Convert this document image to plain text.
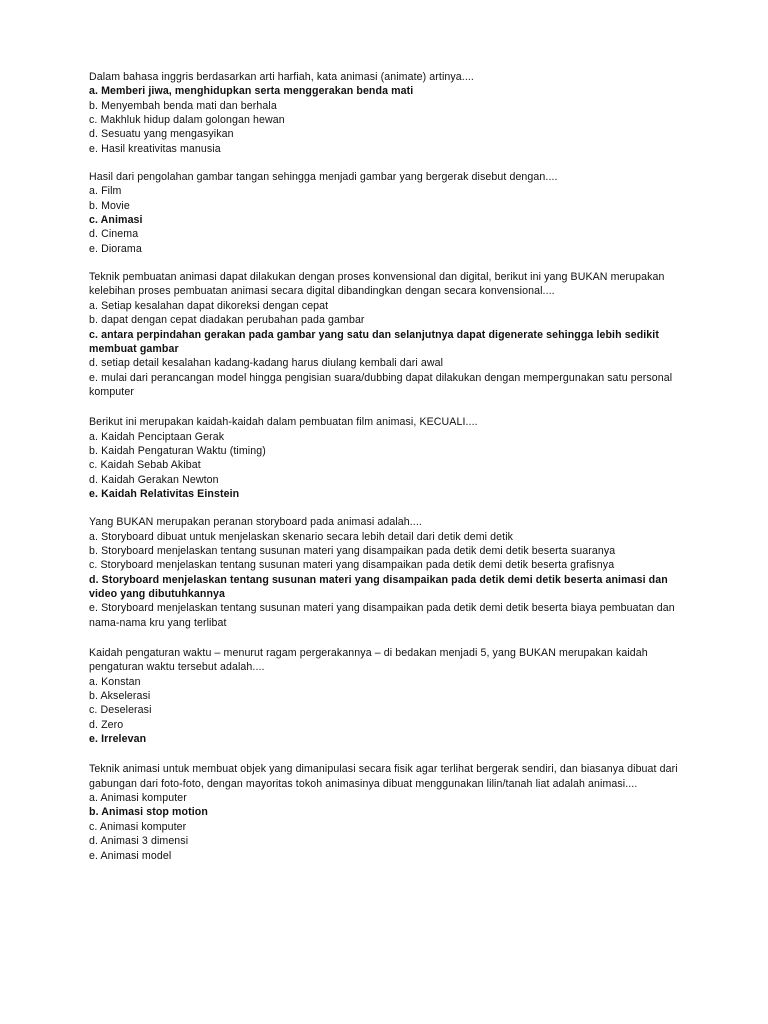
Dalam bahasa inggris berdasarkan arti harfiah, kata animasi (animate) artinya....

a. Memberi jiwa, menghidupkan serta menggerakan benda mati

b. Menyembah benda mati dan berhala

c. Makhluk hidup dalam golongan hewan

d. Sesuatu yang mengasyikan

e. Hasil kreativitas manusia

Hasil dari pengolahan gambar tangan sehingga menjadi gambar yang bergerak disebut dengan....

a. Film

b. Movie

c. Animasi

d. Cinema

e. Diorama

Teknik pembuatan animasi dapat dilakukan dengan proses konvensional dan digital, berikut ini yang BUKAN merupakan kelebihan proses pembuatan animasi secara digital dibandingkan dengan secara konvensional....

a. Setiap kesalahan dapat dikoreksi dengan cepat

b. dapat dengan cepat diadakan perubahan pada gambar

c. antara perpindahan gerakan pada gambar yang satu dan selanjutnya dapat digenerate sehingga lebih sedikit membuat gambar

d. setiap detail kesalahan kadang-kadang harus diulang kembali dari awal

e. mulai dari perancangan model hingga pengisian suara/dubbing dapat dilakukan dengan mempergunakan satu personal komputer

Berikut ini merupakan kaidah-kaidah dalam pembuatan film animasi, KECUALI....

a. Kaidah Penciptaan Gerak

b. Kaidah Pengaturan Waktu (timing)

c. Kaidah Sebab Akibat

d. Kaidah Gerakan Newton

e. Kaidah Relativitas Einstein

Yang BUKAN merupakan peranan storyboard pada animasi adalah....

a. Storyboard dibuat untuk menjelaskan skenario secara lebih detail dari detik demi detik

b. Storyboard menjelaskan tentang susunan materi yang disampaikan pada detik demi detik beserta suaranya

c. Storyboard menjelaskan tentang susunan materi yang disampaikan pada detik demi detik beserta grafisnya

d. Storyboard menjelaskan tentang susunan materi yang disampaikan pada detik demi detik beserta animasi dan video yang dibutuhkannya

e. Storyboard menjelaskan tentang susunan materi yang disampaikan pada detik demi detik beserta biaya pembuatan dan nama-nama kru yang terlibat

Kaidah pengaturan waktu – menurut ragam pergerakannya – di bedakan menjadi 5, yang BUKAN merupakan kaidah pengaturan waktu tersebut adalah....

a. Konstan

b. Akselerasi

c. Deselerasi

d. Zero

e. Irrelevan

Teknik animasi untuk membuat objek yang dimanipulasi secara fisik agar terlihat bergerak sendiri, dan biasanya dibuat dari gabungan dari foto-foto, dengan mayoritas tokoh animasinya dibuat menggunakan lilin/tanah liat adalah animasi....

a. Animasi komputer

b. Animasi stop motion

c. Animasi komputer

d. Animasi 3 dimensi

e. Animasi model
